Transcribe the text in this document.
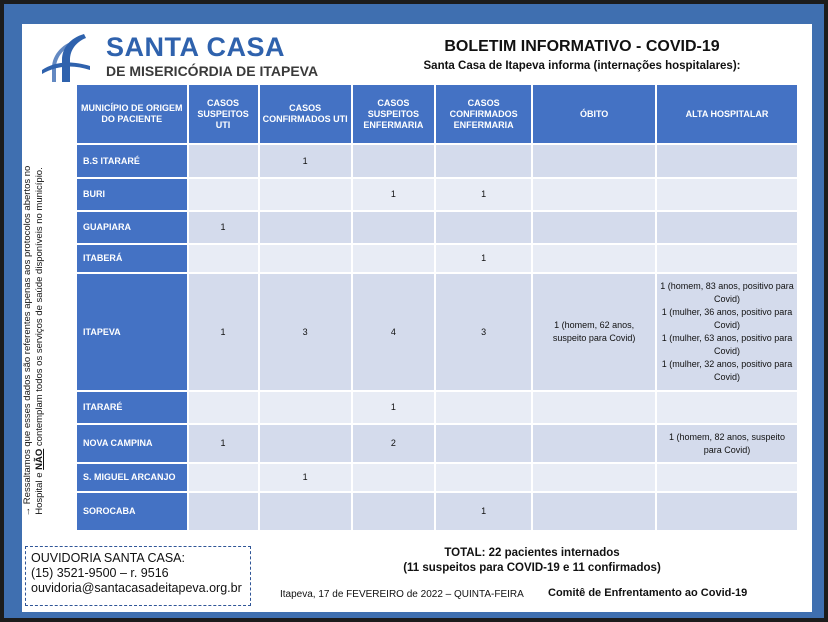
SANTA CASA
DE MISERICÓRDIA DE ITAPEVA
BOLETIM INFORMATIVO - COVID-19
Santa Casa de Itapeva informa (internações hospitalares):
→ Ressaltamos que esses dados são referentes apenas aos protocolos abertos no Hospital e NÃO contemplam todos os serviços de saúde disponíveis no município.
MUNICÍPIO DE ORIGEM DO PACIENTE	CASOS SUSPEITOS UTI	CASOS CONFIRMADOS UTI	CASOS SUSPEITOS ENFERMARIA	CASOS CONFIRMADOS ENFERMARIA	ÓBITO	ALTA HOSPITALAR
B.S ITARARÉ		1				
BURI			1	1		
GUAPIARA	1					
ITABERÁ				1		
ITAPEVA	1	3	4	3	1 (homem, 62 anos, suspeito para Covid)	1 (homem, 83 anos, positivo para Covid)
1 (mulher, 36 anos, positivo para Covid)
1 (mulher, 63 anos, positivo para Covid)
1 (mulher, 32 anos, positivo para Covid)
ITARARÉ			1			
NOVA CAMPINA	1		2			1 (homem, 82 anos, suspeito para Covid)
S. MIGUEL ARCANJO		1				
SOROCABA				1		
OUVIDORIA SANTA CASA:
(15) 3521-9500 – r. 9516
ouvidoria@santacasadeitapeva.org.br
TOTAL: 22 pacientes internados
(11 suspeitos para COVID-19 e 11 confirmados)
Itapeva, 17 de FEVEREIRO de 2022 – QUINTA-FEIRA Comitê de Enfrentamento ao Covid-19
